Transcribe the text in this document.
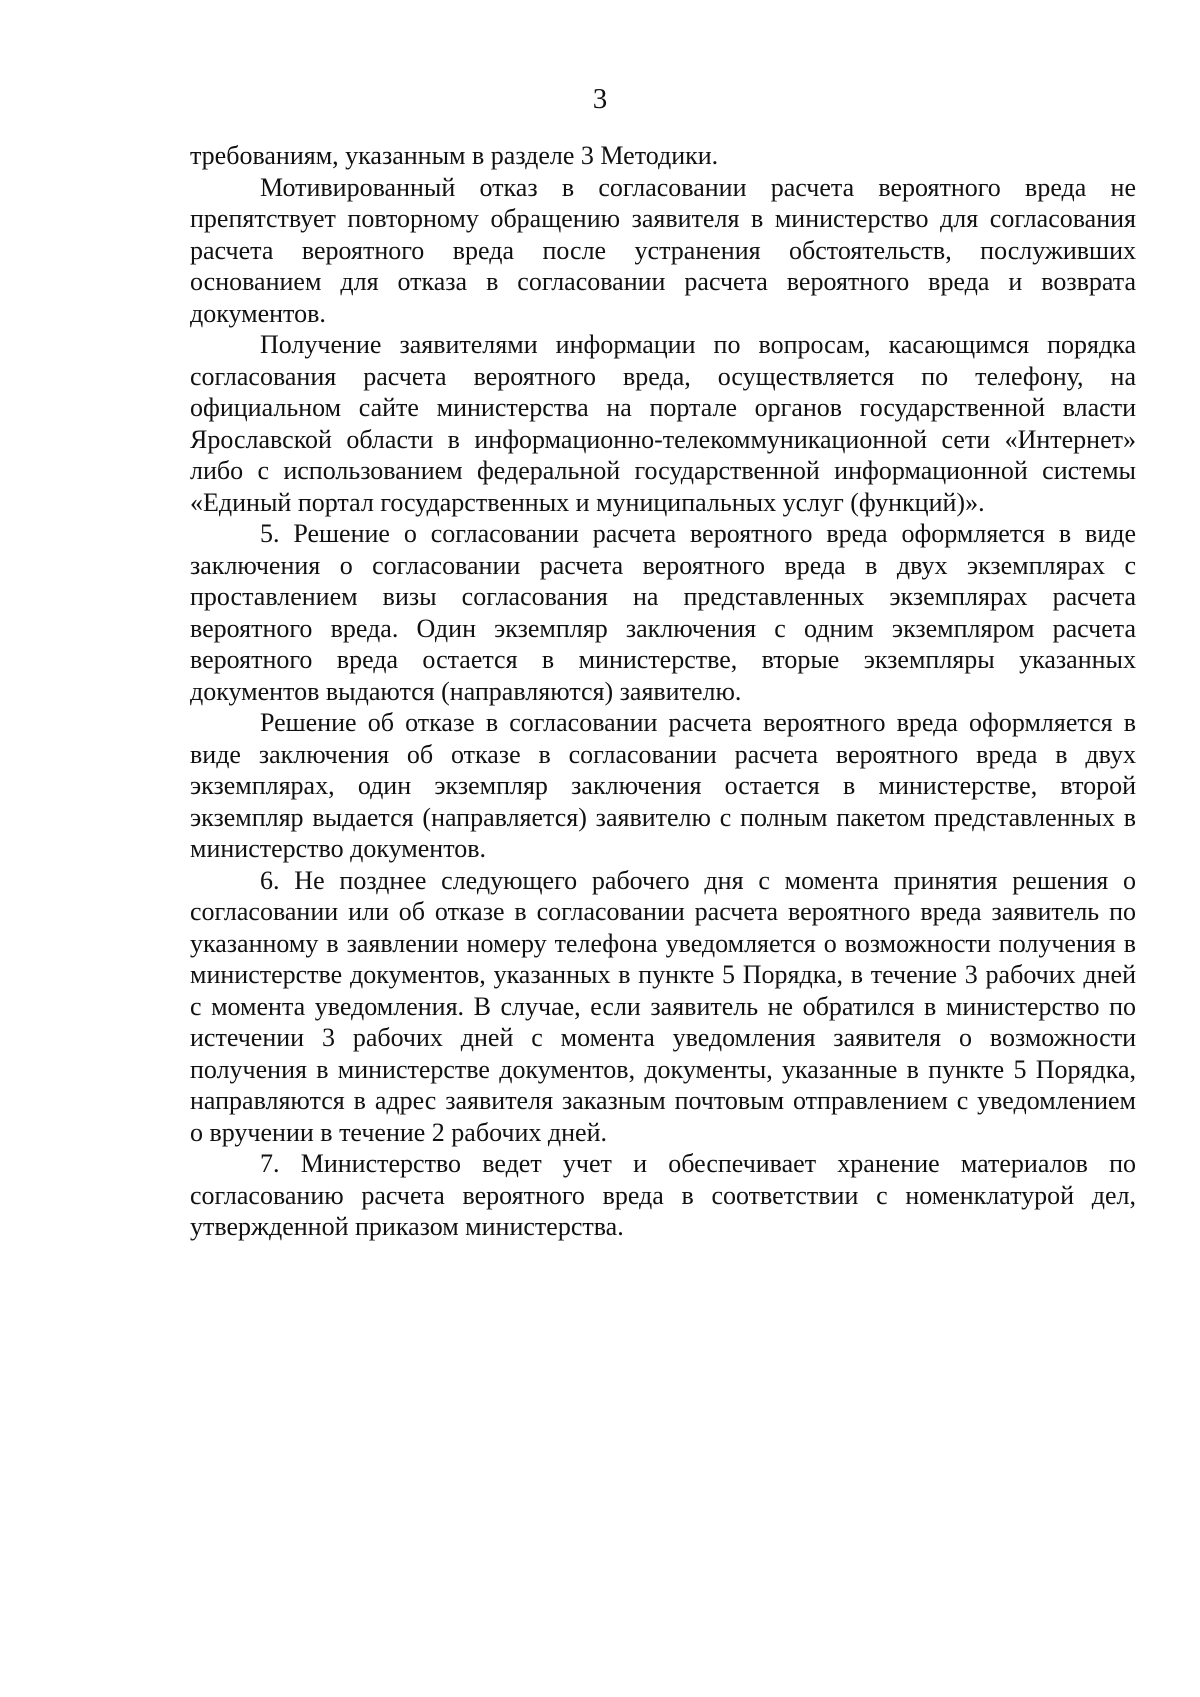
3

требованиям, указанным в разделе 3 Методики.

Мотивированный отказ в согласовании расчета вероятного вреда не препятствует повторному обращению заявителя в министерство для согласования расчета вероятного вреда после устранения обстоятельств, послуживших основанием для отказа в согласовании расчета вероятного вреда и возврата документов.

Получение заявителями информации по вопросам, касающимся порядка согласования расчета вероятного вреда, осуществляется по телефону, на официальном сайте министерства на портале органов государственной власти Ярославской области в информационно-телекоммуникационной сети «Интернет» либо с использованием федеральной государственной информационной системы «Единый портал государственных и муниципальных услуг (функций)».

5. Решение о согласовании расчета вероятного вреда оформляется в виде заключения о согласовании расчета вероятного вреда в двух экземплярах с проставлением визы согласования на представленных экземплярах расчета вероятного вреда. Один экземпляр заключения с одним экземпляром расчета вероятного вреда остается в министерстве, вторые экземпляры указанных документов выдаются (направляются) заявителю.

Решение об отказе в согласовании расчета вероятного вреда оформляется в виде заключения об отказе в согласовании расчета вероятного вреда в двух экземплярах, один экземпляр заключения остается в министерстве, второй экземпляр выдается (направляется) заявителю с полным пакетом представленных в министерство документов.

6. Не позднее следующего рабочего дня с момента принятия решения о согласовании или об отказе в согласовании расчета вероятного вреда заявитель по указанному в заявлении номеру телефона уведомляется о возможности получения в министерстве документов, указанных в пункте 5 Порядка, в течение 3 рабочих дней с момента уведомления. В случае, если заявитель не обратился в министерство по истечении 3 рабочих дней с момента уведомления заявителя о возможности получения в министерстве документов, документы, указанные в пункте 5 Порядка, направляются в адрес заявителя заказным почтовым отправлением с уведомлением о вручении в течение 2 рабочих дней.

7. Министерство ведет учет и обеспечивает хранение материалов по согласованию расчета вероятного вреда в соответствии с номенклатурой дел, утвержденной приказом министерства.
